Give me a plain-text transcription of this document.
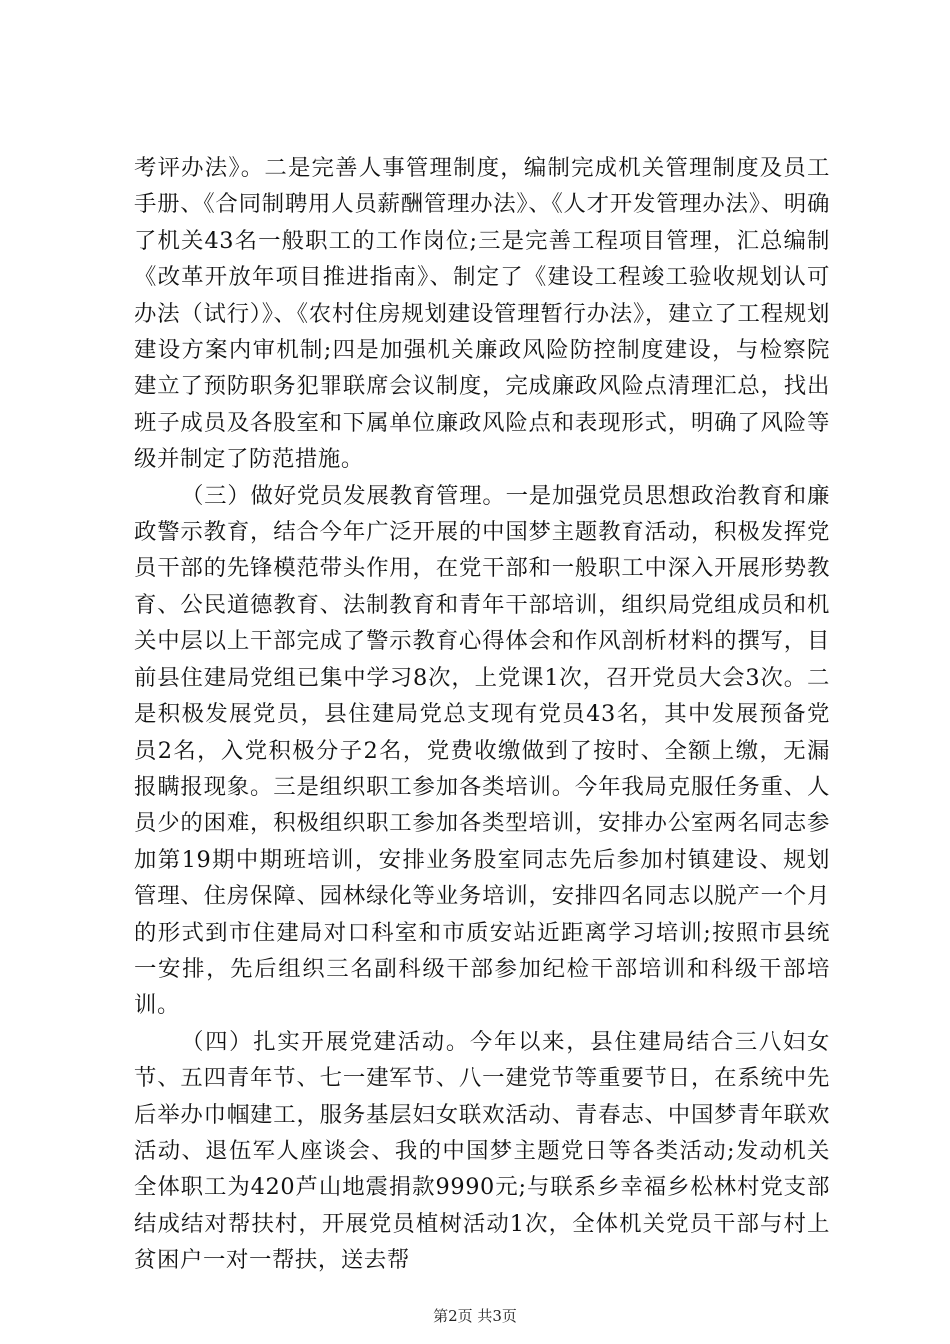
考评办法》。二是完善人事管理制度，编制完成机关管理制度及员工手册、《合同制聘用人员薪酬管理办法》、《人才开发管理办法》、明确了机关43名一般职工的工作岗位;三是完善工程项目管理，汇总编制《改革开放年项目推进指南》、制定了《建设工程竣工验收规划认可办法（试行）》、《农村住房规划建设管理暂行办法》，建立了工程规划建设方案内审机制;四是加强机关廉政风险防控制度建设，与检察院建立了预防职务犯罪联席会议制度，完成廉政风险点清理汇总，找出班子成员及各股室和下属单位廉政风险点和表现形式，明确了风险等级并制定了防范措施。

（三）做好党员发展教育管理。一是加强党员思想政治教育和廉政警示教育，结合今年广泛开展的中国梦主题教育活动，积极发挥党员干部的先锋模范带头作用，在党干部和一般职工中深入开展形势教育、公民道德教育、法制教育和青年干部培训，组织局党组成员和机关中层以上干部完成了警示教育心得体会和作风剖析材料的撰写，目前县住建局党组已集中学习8次，上党课1次，召开党员大会3次。二是积极发展党员，县住建局党总支现有党员43名，其中发展预备党员2名，入党积极分子2名，党费收缴做到了按时、全额上缴，无漏报瞒报现象。三是组织职工参加各类培训。今年我局克服任务重、人员少的困难，积极组织职工参加各类型培训，安排办公室两名同志参加第19期中期班培训，安排业务股室同志先后参加村镇建设、规划管理、住房保障、园林绿化等业务培训，安排四名同志以脱产一个月的形式到市住建局对口科室和市质安站近距离学习培训;按照市县统一安排，先后组织三名副科级干部参加纪检干部培训和科级干部培训。

（四）扎实开展党建活动。今年以来，县住建局结合三八妇女节、五四青年节、七一建军节、八一建党节等重要节日，在系统中先后举办巾帼建工，服务基层妇女联欢活动、青春志、中国梦青年联欢活动、退伍军人座谈会、我的中国梦主题党日等各类活动;发动机关全体职工为420芦山地震捐款9990元;与联系乡幸福乡松林村党支部结成结对帮扶村，开展党员植树活动1次，全体机关党员干部与村上贫困户一对一帮扶，送去帮

第2页 共3页
